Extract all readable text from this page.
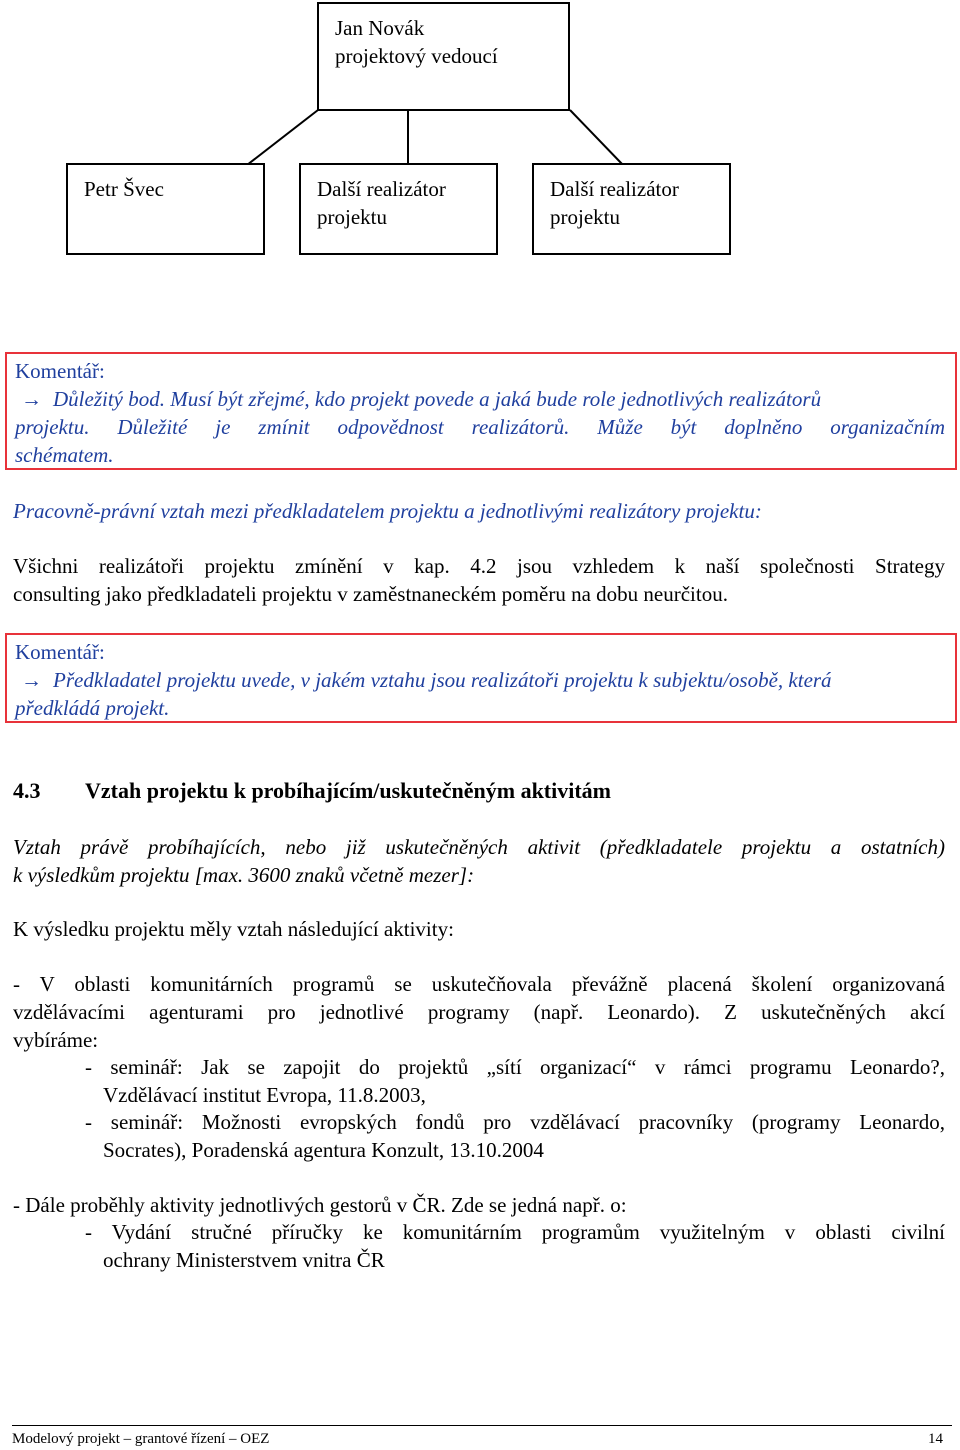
Jan Novák
projektový vedoucí
Petr Švec	Další realizátor
projektu
Další realizátor
projektu
Komentář:
→ Důležitý bod. Musí být zřejmé, kdo projekt povede a jaká bude role jednotlivých realizátorů
projektu. Důležité je zmínit odpovědnost realizátorů. Může být doplněno organizačním
schématem.
Pracovně-právní vztah mezi předkladatelem projektu a jednotlivými realizátory projektu:
Všichni realizátoři projektu zmínění v kap. 4.2 jsou vzhledem k naší společnosti Strategy
consulting jako předkladateli projektu v zaměstnaneckém poměru na dobu neurčitou.
Komentář:
→ Předkladatel projektu uvede, v jakém vztahu jsou realizátoři projektu k subjektu/osobě, která
předkládá projekt.
4.3 Vztah projektu k probíhajícím/uskutečněným aktivitám
Vztah právě probíhajících, nebo již uskutečněných aktivit (předkladatele projektu a ostatních)
k výsledkům projektu [max. 3600 znaků včetně mezer]:
K výsledku projektu měly vztah následující aktivity:
- V oblasti komunitárních programů se uskutečňovala převážně placená školení organizovaná
vzdělávacími agenturami pro jednotlivé programy (např. Leonardo). Z uskutečněných akcí
vybíráme:
- seminář: Jak se zapojit do projektů „sítí organizací“ v rámci programu Leonardo?,
Vzdělávací institut Evropa, 11.8.2003,
- seminář: Možnosti evropských fondů pro vzdělávací pracovníky (programy Leonardo,
Socrates), Poradenská agentura Konzult, 13.10.2004
- Dále proběhly aktivity jednotlivých gestorů v ČR. Zde se jedná např. o:
- Vydání stručné příručky ke komunitárním programům využitelným v oblasti civilní
ochrany Ministerstvem vnitra ČR
Modelový projekt – grantové řízení – OEZ	14
